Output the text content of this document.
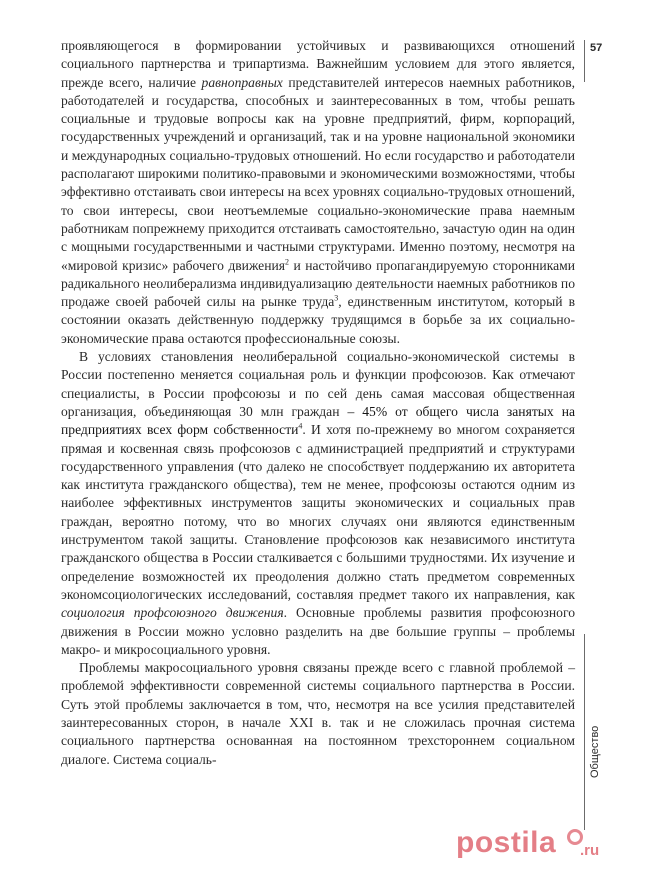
57

проявляющегося в формировании устойчивых и развивающихся отношений социального партнерства и трипартизма. Важнейшим условием для этого является, прежде всего, наличие равноправных представителей интересов наемных работников, работодателей и государства, способных и заинтересованных в том, чтобы решать социальные и трудовые вопросы как на уровне предприятий, фирм, корпораций, государственных учреждений и организаций, так и на уровне национальной экономики и международных социально-трудовых отношений. Но если государство и работодатели располагают широкими политико-правовыми и экономическими возможностями, чтобы эффективно отстаивать свои интересы на всех уровнях социально-трудовых отношений, то свои интересы, свои неотъемлемые социально-экономические права наемным работникам попрежнему приходится отстаивать самостоятельно, зачастую один на один с мощными государственными и частными структурами. Именно поэтому, несмотря на «мировой кризис» рабочего движения$^2$ и настойчиво пропагандируемую сторонниками радикального неолиберализма индивидуализацию деятельности наемных работников по продаже своей рабочей силы на рынке труда$^3$, единственным институтом, который в состоянии оказать действенную поддержку трудящимся в борьбе за их социально-экономические права остаются профессиональные союзы.

В условиях становления неолиберальной социально-экономической системы в России постепенно меняется социальная роль и функции профсоюзов. Как отмечают специалисты, в России профсоюзы и по сей день самая массовая общественная организация, объединяющая 30 млн граждан – 45% от общего числа занятых на предприятиях всех форм собственности$^4$. И хотя по-прежнему во многом сохраняется прямая и косвенная связь профсоюзов с администрацией предприятий и структурами государственного управления (что далеко не способствует поддержанию их авторитета как института гражданского общества), тем не менее, профсоюзы остаются одним из наиболее эффективных инструментов защиты экономических и социальных прав граждан, вероятно потому, что во многих случаях они являются единственным инструментом такой защиты. Становление профсоюзов как независимого института гражданского общества в России сталкивается с большими трудностями. Их изучение и определение возможностей их преодоления должно стать предметом современных экономсоциологических исследований, составляя предмет такого их направления, как социология профсоюзного движения. Основные проблемы развития профсоюзного движения в России можно условно разделить на две большие группы – проблемы макро- и микросоциального уровня.

Проблемы макросоциального уровня связаны прежде всего с главной проблемой – проблемой эффективности современной системы социального партнерства в России. Суть этой проблемы заключается в том, что, несмотря на все усилия представителей заинтересованных сторон, в начале XXI в. так и не сложилась прочная система социального партнерства основанная на постоянном трехстороннем социальном диалоге. Система социаль-	Общество
postila .ru
